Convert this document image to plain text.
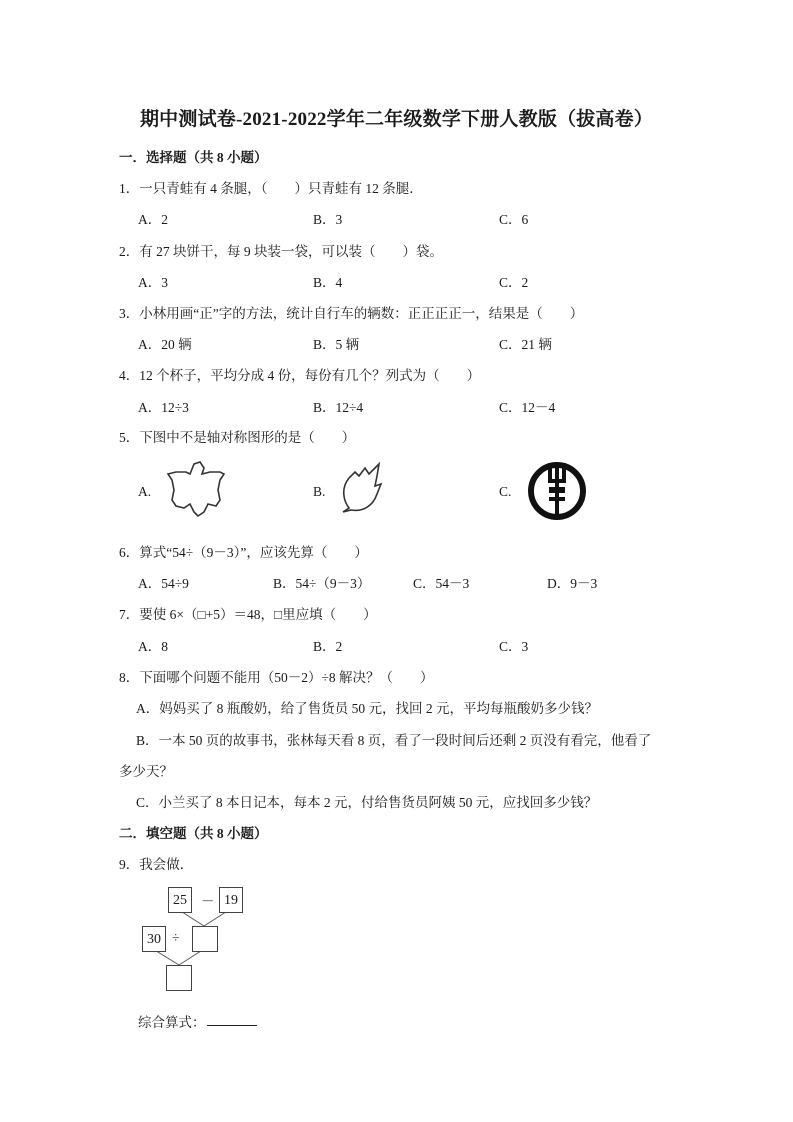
期中测试卷-2021-2022学年二年级数学下册人教版（拔高卷）
一．选择题（共 8 小题）
1．一只青蛙有 4 条腿，（　　）只青蛙有 12 条腿．
A．2	B．3	C．6
2．有 27 块饼干，每 9 块装一袋，可以装（　　）袋。
A．3	B．4	C．2
3．小林用画“正”字的方法，统计自行车的辆数：正正正正一，结果是（　　）
A．20 辆	B．5 辆	C．21 辆
4．12 个杯子，平均分成 4 份，每份有几个？列式为（　　）
A．12÷3	B．12÷4	C．12－4
5．下图中不是轴对称图形的是（　　）
A.	B.	C.
6．算式“54÷（9－3）”，应该先算（　　）
A．54÷9	B．54÷（9－3）	C．54－3	D．9－3
7．要使 6×（□+5）＝48，□里应填（　　）
A．8	B．2	C．3
8．下面哪个问题不能用（50－2）÷8 解决？（　　）
A．妈妈买了 8 瓶酸奶，给了售货员 50 元，找回 2 元，平均每瓶酸奶多少钱？
B．一本 50 页的故事书，张林每天看 8 页，看了一段时间后还剩 2 页没有看完，他看了
多少天？
C．小兰买了 8 本日记本，每本 2 元，付给售货员阿姨 50 元，应找回多少钱？
二．填空题（共 8 小题）
9．我会做．
25	－ 19
30 ÷
综合算式：
